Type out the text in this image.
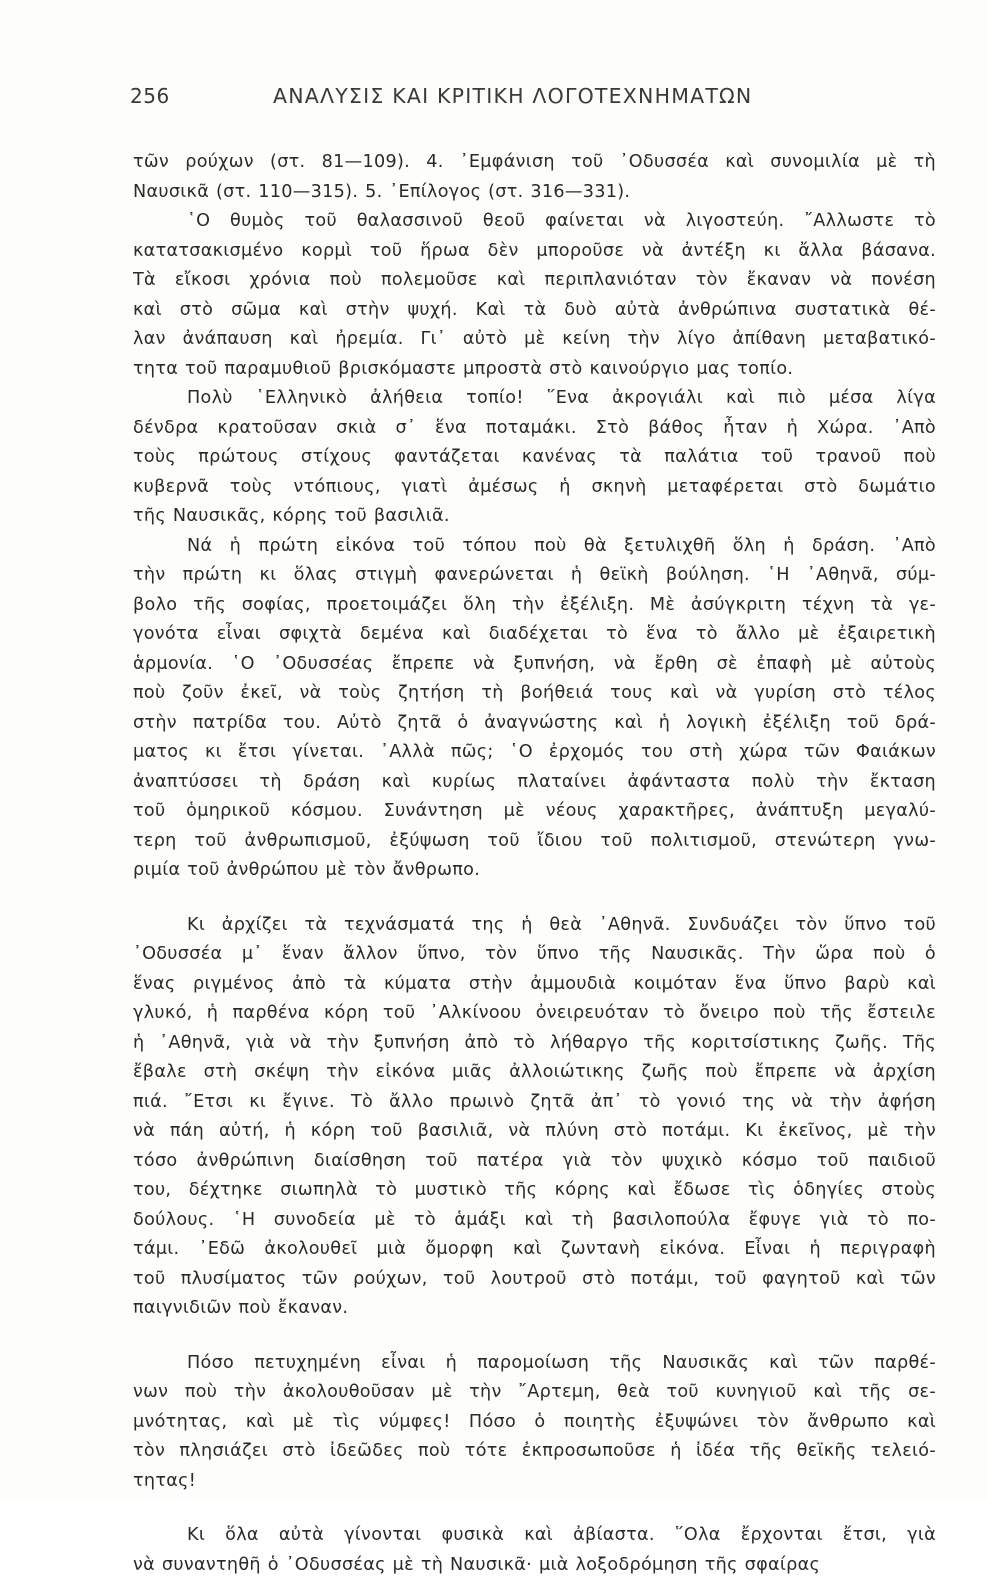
256	ΑΝΑΛΥΣΙΣ ΚΑΙ ΚΡΙΤΙΚΗ ΛΟΓΟΤΕΧΝΗΜΑΤΩΝ
τῶν ρούχων (στ. 81—109). 4. ᾿Εμφάνιση τοῦ ᾿Οδυσσέα καὶ συνομιλία μὲ τὴ
Ναυσικᾶ (στ. 110—315). 5. ᾿Επίλογος (στ. 316—331).
῾Ο θυμὸς τοῦ θαλασσινοῦ θεοῦ φαίνεται νὰ λιγοστεύη. ῎Αλλωστε τὸ
κατατσακισμένο κορμὶ τοῦ ἥρωα δὲν μποροῦσε νὰ ἀντέξη κι ἄλλα βάσανα.
Τὰ εἴκοσι χρόνια ποὺ πολεμοῦσε καὶ περιπλανιόταν τὸν ἔκαναν νὰ πονέση
καὶ στὸ σῶμα καὶ στὴν ψυχή. Καὶ τὰ δυὸ αὐτὰ ἀνθρώπινα συστατικὰ θέ-
λαν ἀνάπαυση καὶ ἠρεμία. Γι᾿ αὐτὸ μὲ κείνη τὴν λίγο ἀπίθανη μεταβατικό-
τητα τοῦ παραμυθιοῦ βρισκόμαστε μπροστὰ στὸ καινούργιο μας τοπίο.
Πολὺ ῾Ελληνικὸ ἀλήθεια τοπίο! ῞Ενα ἀκρογιάλι καὶ πιὸ μέσα λίγα
δένδρα κρατοῦσαν σκιὰ σ᾿ ἕνα ποταμάκι. Στὸ βάθος ἦταν ἡ Χώρα. ᾿Απὸ
τοὺς πρώτους στίχους φαντάζεται κανένας τὰ παλάτια τοῦ τρανοῦ ποὺ
κυβερνᾶ τοὺς ντόπιους, γιατὶ ἀμέσως ἡ σκηνὴ μεταφέρεται στὸ δωμάτιο
τῆς Ναυσικᾶς, κόρης τοῦ βασιλιᾶ.
Νά ἡ πρώτη εἰκόνα τοῦ τόπου ποὺ θὰ ξετυλιχθῆ ὅλη ἡ δράση. ᾿Απὸ
τὴν πρώτη κι ὅλας στιγμὴ φανερώνεται ἡ θεϊκὴ βούληση. ῾Η ᾿Αθηνᾶ, σύμ-
βολο τῆς σοφίας, προετοιμάζει ὅλη τὴν ἐξέλιξη. Μὲ ἀσύγκριτη τέχνη τὰ γε-
γονότα εἶναι σφιχτὰ δεμένα καὶ διαδέχεται τὸ ἕνα τὸ ἄλλο μὲ ἐξαιρετικὴ
ἁρμονία. ῾Ο ᾿Οδυσσέας ἔπρεπε νὰ ξυπνήση, νὰ ἔρθη σὲ ἐπαφὴ μὲ αὐτοὺς
ποὺ ζοῦν ἐκεῖ, νὰ τοὺς ζητήση τὴ βοήθειά τους καὶ νὰ γυρίση στὸ τέλος
στὴν πατρίδα του. Αὐτὸ ζητᾶ ὁ ἀναγνώστης καὶ ἡ λογικὴ ἐξέλιξη τοῦ δρά-
ματος κι ἔτσι γίνεται. ᾿Αλλὰ πῶς; ῾Ο ἐρχομός του στὴ χώρα τῶν Φαιάκων
ἀναπτύσσει τὴ δράση καὶ κυρίως πλαταίνει ἀφάνταστα πολὺ τὴν ἔκταση
τοῦ ὁμηρικοῦ κόσμου. Συνάντηση μὲ νέους χαρακτῆρες, ἀνάπτυξη μεγαλύ-
τερη τοῦ ἀνθρωπισμοῦ, ἐξύψωση τοῦ ἴδιου τοῦ πολιτισμοῦ, στενώτερη γνω-
ριμία τοῦ ἀνθρώπου μὲ τὸν ἄνθρωπο.
Κι ἀρχίζει τὰ τεχνάσματά της ἡ θεὰ ᾿Αθηνᾶ. Συνδυάζει τὸν ὕπνο τοῦ
᾿Οδυσσέα μ᾿ ἕναν ἄλλον ὕπνο, τὸν ὕπνο τῆς Ναυσικᾶς. Τὴν ὥρα ποὺ ὁ
ἕνας ριγμένος ἀπὸ τὰ κύματα στὴν ἀμμουδιὰ κοιμόταν ἕνα ὕπνο βαρὺ καὶ
γλυκό, ἡ παρθένα κόρη τοῦ ᾿Αλκίνοου ὀνειρευόταν τὸ ὄνειρο ποὺ τῆς ἔστειλε
ἡ ᾿Αθηνᾶ, γιὰ νὰ τὴν ξυπνήση ἀπὸ τὸ λήθαργο τῆς κοριτσίστικης ζωῆς. Τῆς
ἔβαλε στὴ σκέψη τὴν εἰκόνα μιᾶς ἀλλοιώτικης ζωῆς ποὺ ἔπρεπε νὰ ἀρχίση
πιά. ῎Ετσι κι ἔγινε. Τὸ ἄλλο πρωινὸ ζητᾶ ἀπ᾿ τὸ γονιό της νὰ τὴν ἀφήση
νὰ πάη αὐτή, ἡ κόρη τοῦ βασιλιᾶ, νὰ πλύνη στὸ ποτάμι. Κι ἐκεῖνος, μὲ τὴν
τόσο ἀνθρώπινη διαίσθηση τοῦ πατέρα γιὰ τὸν ψυχικὸ κόσμο τοῦ παιδιοῦ
του, δέχτηκε σιωπηλὰ τὸ μυστικὸ τῆς κόρης καὶ ἔδωσε τὶς ὁδηγίες στοὺς
δούλους. ῾Η συνοδεία μὲ τὸ ἁμάξι καὶ τὴ βασιλοπούλα ἔφυγε γιὰ τὸ πο-
τάμι. ᾿Εδῶ ἀκολουθεῖ μιὰ ὄμορφη καὶ ζωντανὴ εἰκόνα. Εἶναι ἡ περιγραφὴ
τοῦ πλυσίματος τῶν ρούχων, τοῦ λουτροῦ στὸ ποτάμι, τοῦ φαγητοῦ καὶ τῶν
παιγνιδιῶν ποὺ ἔκαναν.
Πόσο πετυχημένη εἶναι ἡ παρομοίωση τῆς Ναυσικᾶς καὶ τῶν παρθέ-
νων ποὺ τὴν ἀκολουθοῦσαν μὲ τὴν ῎Αρτεμη, θεὰ τοῦ κυνηγιοῦ καὶ τῆς σε-
μνότητας, καὶ μὲ τὶς νύμφες! Πόσο ὁ ποιητὴς ἐξυψώνει τὸν ἄνθρωπο καὶ
τὸν πλησιάζει στὸ ἰδεῶδες ποὺ τότε ἐκπροσωποῦσε ἡ ἰδέα τῆς θεϊκῆς τελειό-
τητας!
Κι ὅλα αὐτὰ γίνονται φυσικὰ καὶ ἀβίαστα. ῞Ολα ἔρχονται ἔτσι, γιὰ
νὰ συναντηθῆ ὁ ᾿Οδυσσέας μὲ τὴ Ναυσικᾶ· μιὰ λοξοδρόμηση τῆς σφαίρας
